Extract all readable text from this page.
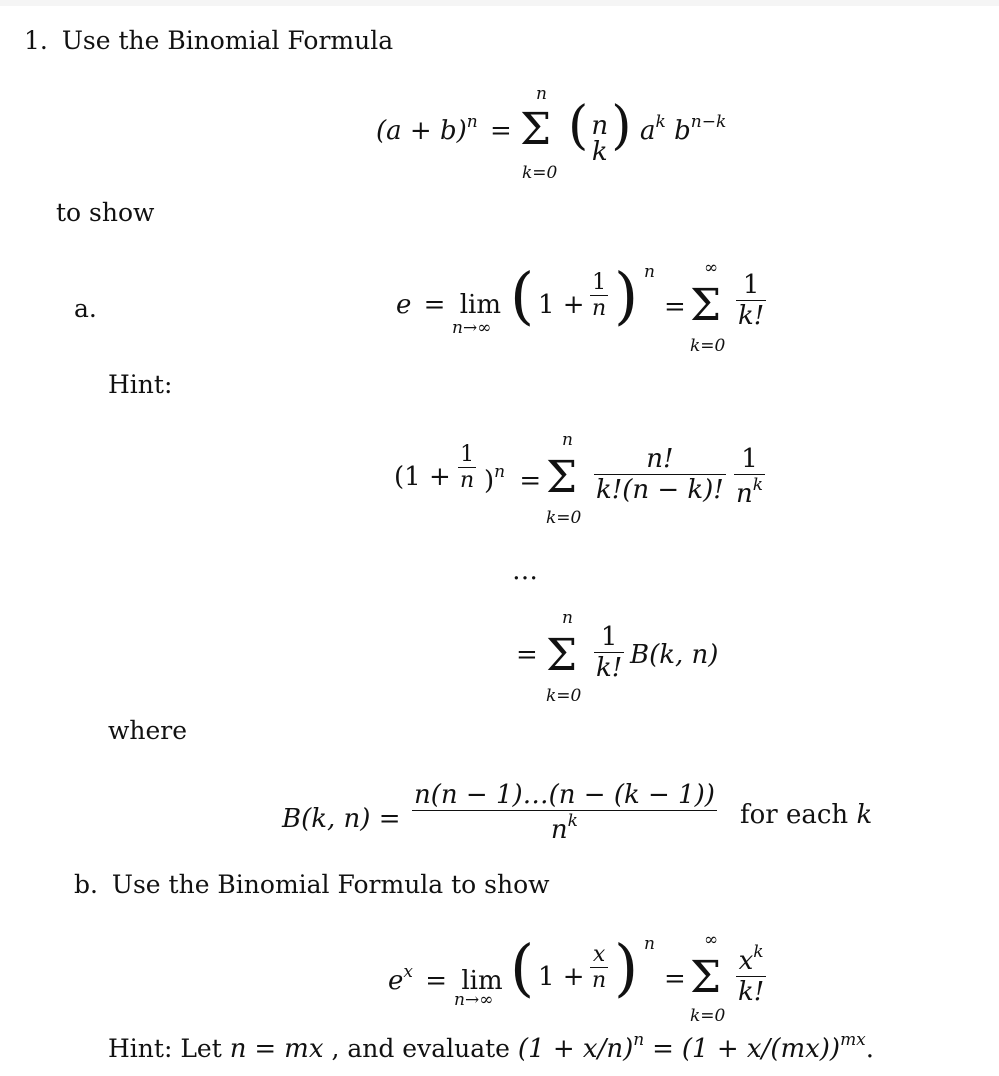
1. Use the Binomial Formula
$(a + b)^n$ =
n
Σ
k=0
( n
k ) $a^k$ $b^{n-k}$
to show
a.	e = lim
n→∞ ( $1 + \frac{1}{n}$ ) n
=
∞
Σ
k=0
$\frac{1}{k!}$
Hint:
$(1 + \frac{1}{n} )^n$ =
n
Σ
k=0
$\frac{n!}{k!(n - k)!} \frac{1}{n^k}$
…
=
n
Σ
k=0
$\frac{1}{k!} B(k$, n)
where
B(k, $n) = \frac{n(n - 1)\dots(n - (k - 1))}{n^k}$ for each k
b. Use the Binomial Formula to show
$e^x = \lim$
n→∞ ( $1 + \frac{x}{n}$ ) n
=
∞
Σ
k=0
$\frac{x^k}{k!}$
Hint: Let n = mx , and evaluate $(1 + x/n)^n = (1 + x/(mx))^{mx}$.
